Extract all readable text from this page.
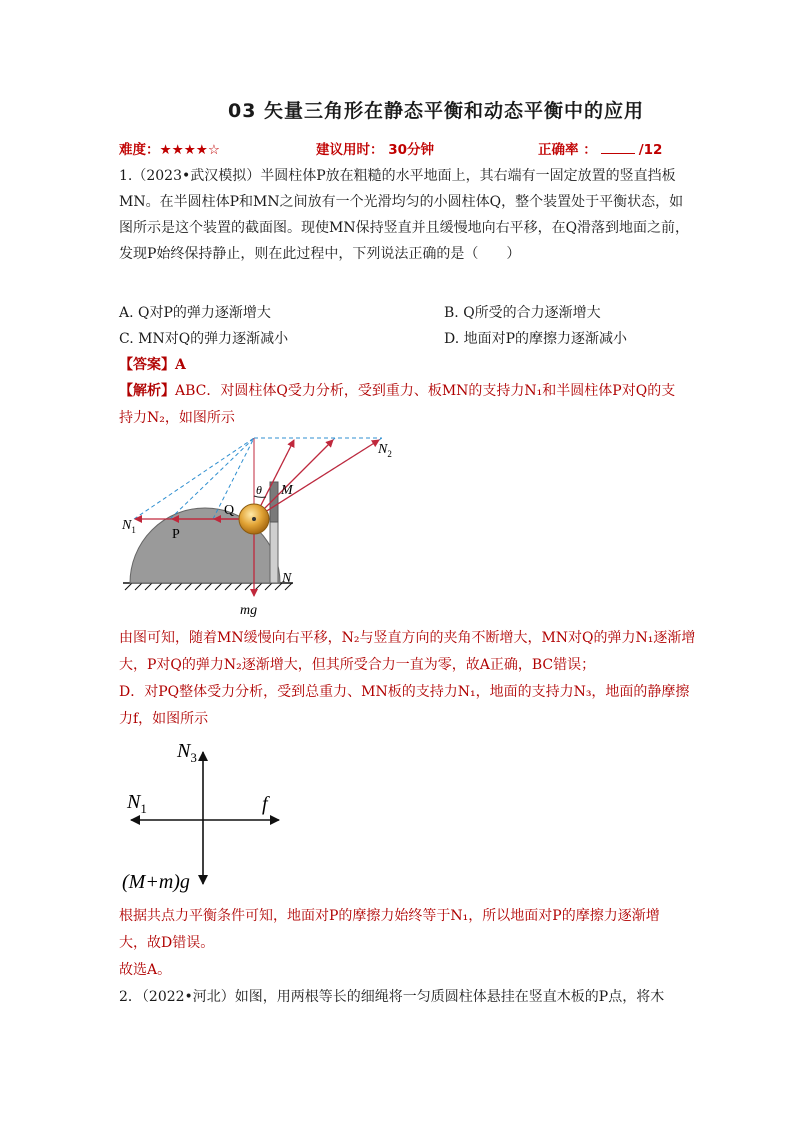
03 矢量三角形在静态平衡和动态平衡中的应用
难度：★★★★☆	建议用时： 30分钟	正确率 ：	/12
1.（2023•武汉模拟）半圆柱体P放在粗糙的水平地面上，其右端有一固定放置的竖直挡板
MN。在半圆柱体P和MN之间放有一个光滑均匀的小圆柱体Q，整个装置处于平衡状态，如
图所示是这个装置的截面图。现使MN保持竖直并且缓慢地向右平移，在Q滑落到地面之前，
发现P始终保持静止，则在此过程中，下列说法正确的是（　　）
A. Q对P的弹力逐渐增大	B. Q所受的合力逐渐增大
C. MN对Q的弹力逐渐减小	D. 地面对P的摩擦力逐渐减小
【答案】A
【解析】ABC．对圆柱体Q受力分析，受到重力、板MN的支持力N₁和半圆柱体P对Q的支
持力N₂，如图所示
$N_1$	P
Q
θ M
N
$N_2$
mg
由图可知，随着MN缓慢向右平移，N₂与竖直方向的夹角不断增大，MN对Q的弹力N₁逐渐增
大，P对Q的弹力N₂逐渐增大，但其所受合力一直为零，故A正确，BC错误；
D．对PQ整体受力分析，受到总重力、MN板的支持力N₁，地面的支持力N₃，地面的静摩擦
力f，如图所示
$N_3$
$N_1$	f
(M+m)g
根据共点力平衡条件可知，地面对P的摩擦力始终等于N₁，所以地面对P的摩擦力逐渐增
大，故D错误。
故选A。
2．（2022•河北）如图，用两根等长的细绳将一匀质圆柱体悬挂在竖直木板的P点，将木
